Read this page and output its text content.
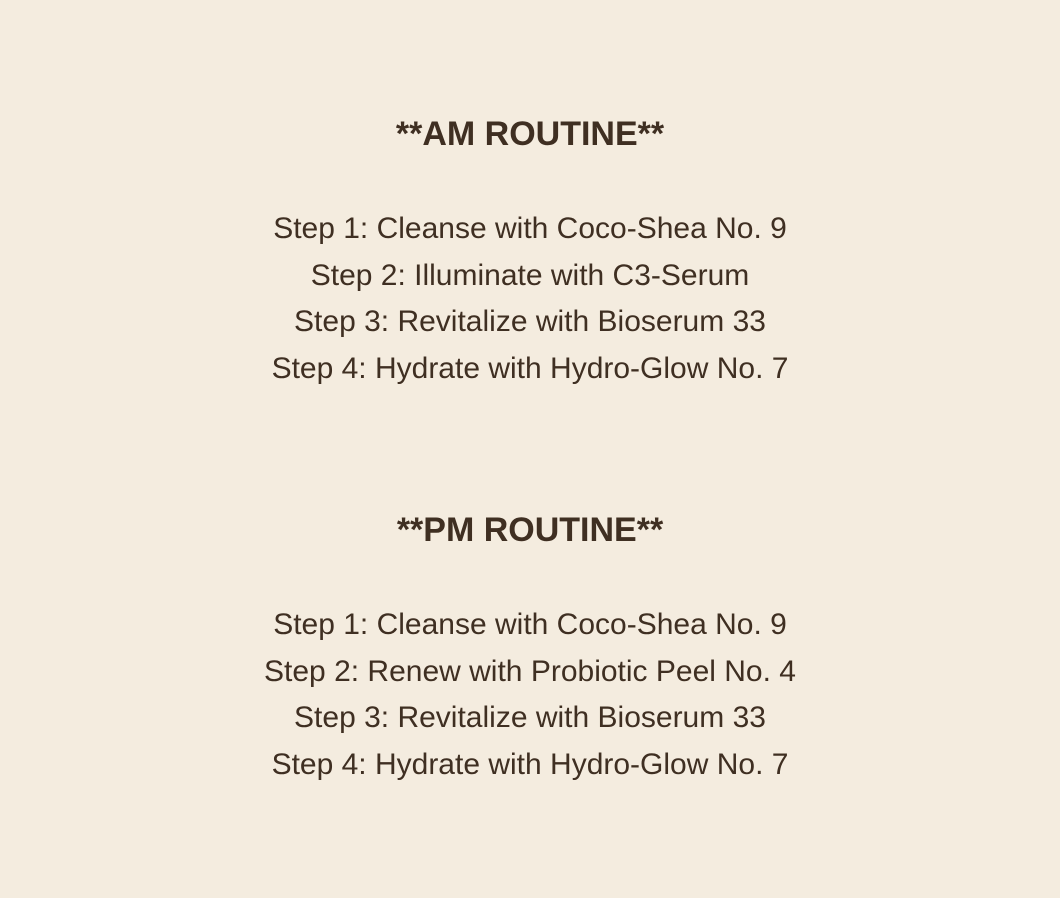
**AM ROUTINE**
Step 1: Cleanse with Coco-Shea No. 9
Step 2: Illuminate with C3-Serum
Step 3: Revitalize with Bioserum 33
Step 4: Hydrate with Hydro-Glow No. 7
**PM ROUTINE**
Step 1: Cleanse with Coco-Shea No. 9
Step 2: Renew with Probiotic Peel No. 4
Step 3: Revitalize with Bioserum 33
Step 4: Hydrate with Hydro-Glow No. 7
